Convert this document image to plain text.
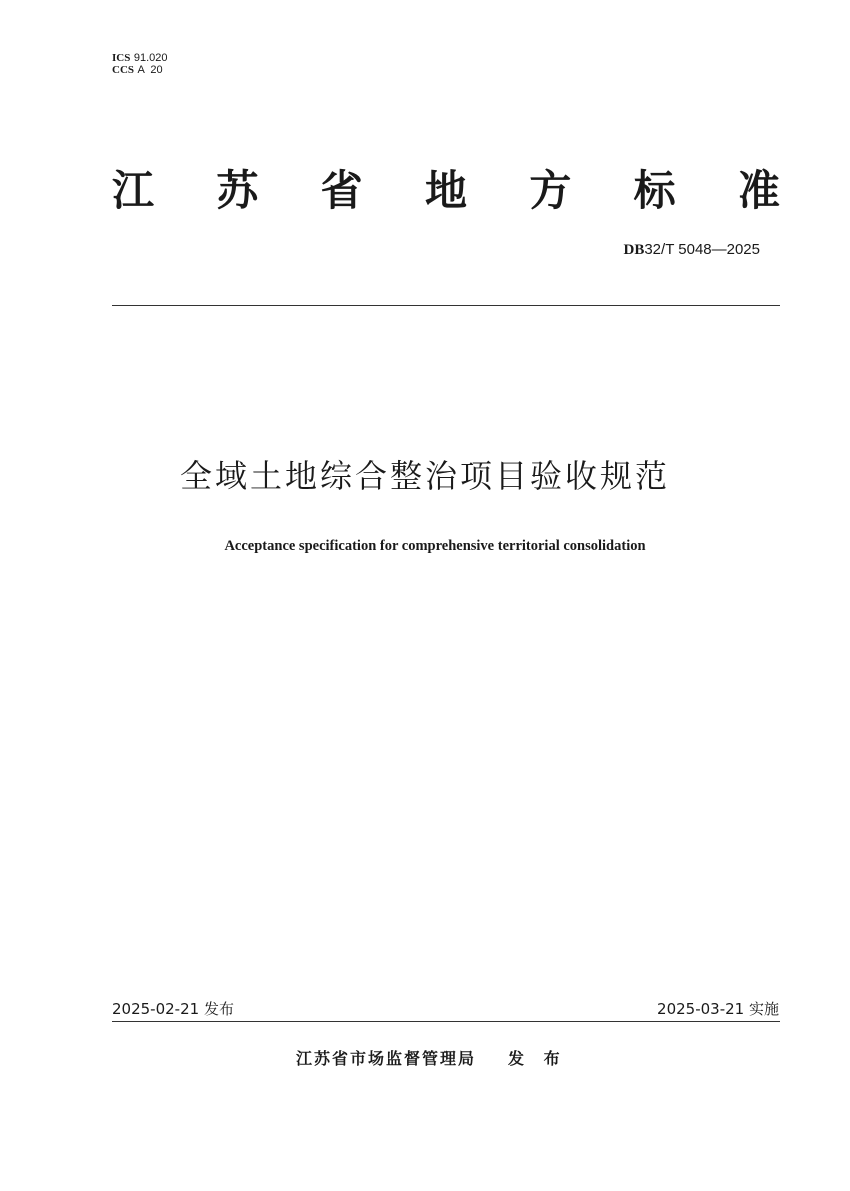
ICS 91.020
CCS A  20
江 苏 省 地 方 标 准
DB32/T 5048—2025
全域土地综合整治项目验收规范
Acceptance specification for comprehensive territorial consolidation
2025-02-21 发布	2025-03-21 实施
江苏省市场监督管理局 发 布
